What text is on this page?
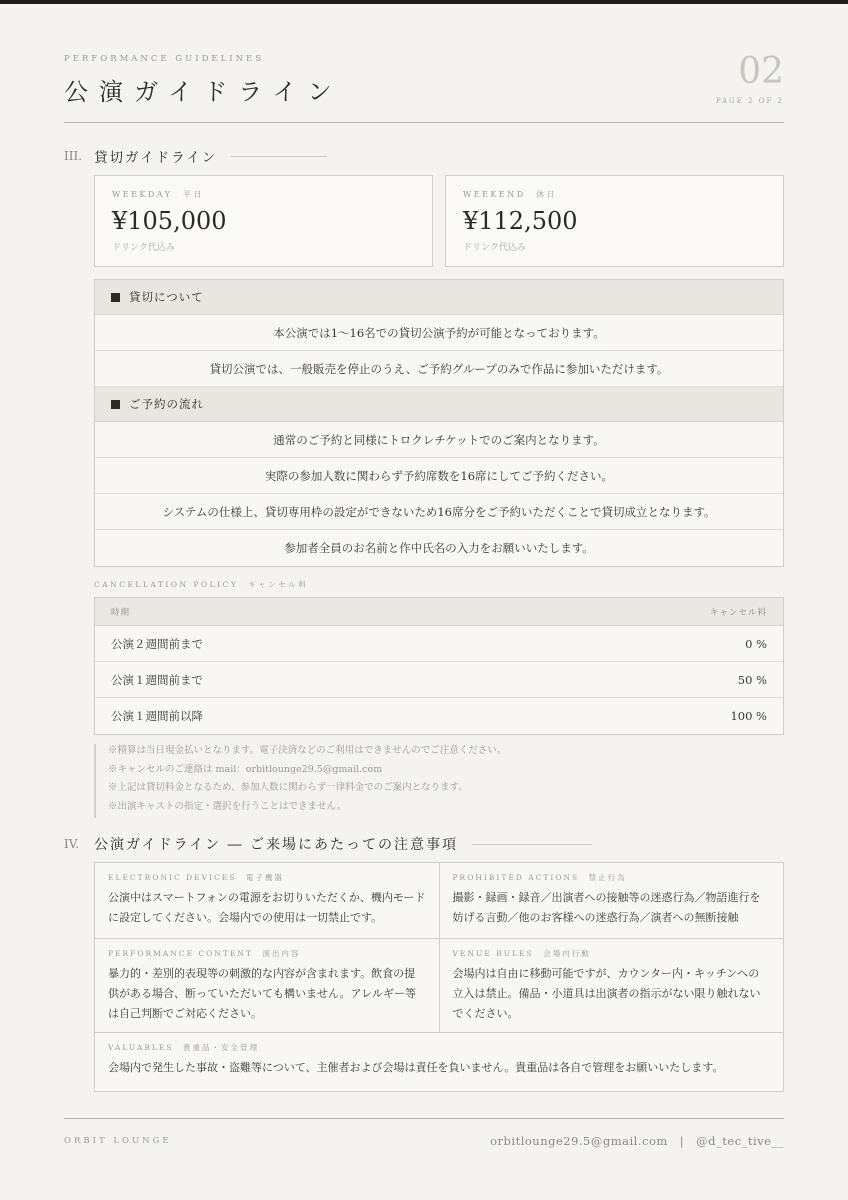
PERFORMANCE GUIDELINES
公演ガイドライン	02
PAGE 2 OF 2
III. 貸切ガイドライン
WEEKDAY　平日
¥105,000
ドリンク代込み
WEEKEND　休日
¥112,500
ドリンク代込み
貸切について
本公演では1〜16名での貸切公演予約が可能となっております。
貸切公演では、一般販売を停止のうえ、ご予約グループのみで作品に参加いただけます。
ご予約の流れ
通常のご予約と同様にトロクレチケットでのご案内となります。
実際の参加人数に関わらず予約席数を16席にしてご予約ください。
システムの仕様上、貸切専用枠の設定ができないため16席分をご予約いただくことで貸切成立となります。
参加者全員のお名前と作中氏名の入力をお願いいたします。
CANCELLATION POLICY　キャンセル料
時期	キャンセル料
公演２週間前まで	0 %
公演１週間前まで	50 %
公演１週間前以降	100 %
※精算は当日現金払いとなります。電子決済などのご利用はできませんのでご注意ください。
※キャンセルのご連絡は mail：orbitlounge29.5@gmail.com
※上記は貸切料金となるため、参加人数に関わらず一律料金でのご案内となります。
※出演キャストの指定・選択を行うことはできません。
IV.	公演ガイドライン ― ご来場にあたっての注意事項
ELECTRONIC DEVICES　電子機器
公演中はスマートフォンの電源をお切りいただくか、機内モードに設定してください。会場内での使用は一切禁止です。
PROHIBITED ACTIONS　禁止行為
撮影・録画・録音／出演者への接触等の迷惑行為／物語進行を妨げる言動／他のお客様への迷惑行為／演者への無断接触
PERFORMANCE CONTENT　演出内容
暴力的・差別的表現等の刺激的な内容が含まれます。飲食の提供がある場合、断っていただいても構いません。アレルギー等は自己判断でご対応ください。
VENUE RULES　会場内行動
会場内は自由に移動可能ですが、カウンター内・キッチンへの立入は禁止。備品・小道具は出演者の指示がない限り触れないでください。
VALUABLES　貴重品・安全管理
会場内で発生した事故・盗難等について、主催者および会場は責任を負いません。貴重品は各自で管理をお願いいたします。
ORBIT LOUNGE	orbitlounge29.5@gmail.com　|　@d_tec_tive__
